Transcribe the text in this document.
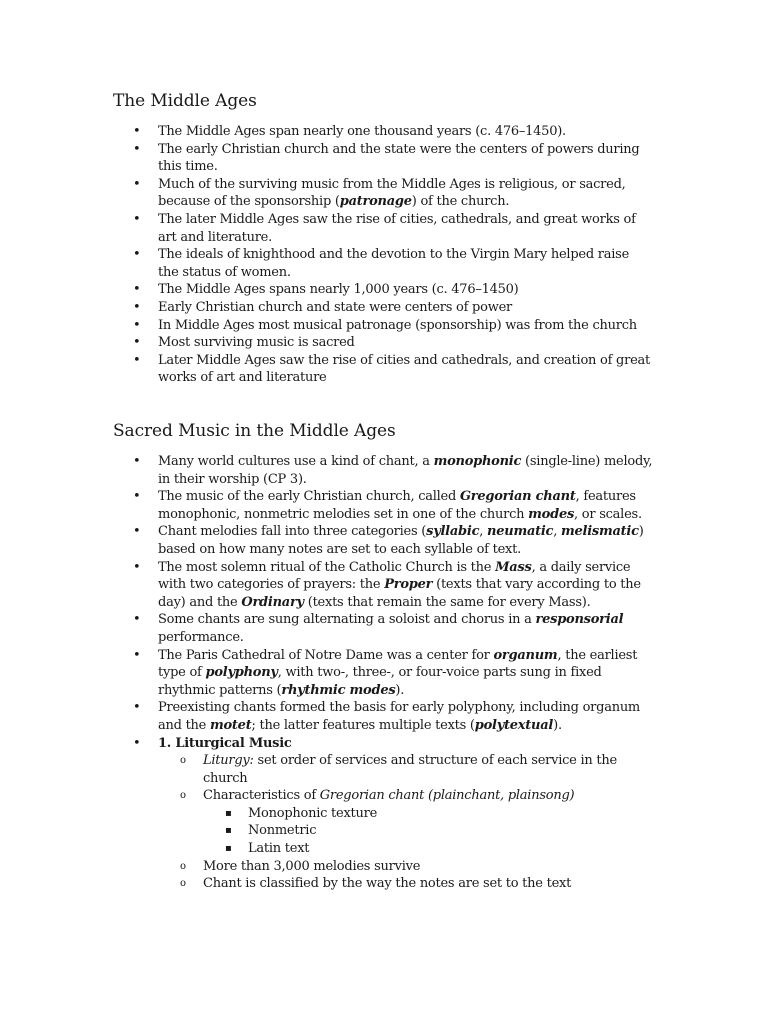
The Middle Ages
• The Middle Ages span nearly one thousand years (c. 476–1450).
• The early Christian church and the state were the centers of powers during this time.
• Much of the surviving music from the Middle Ages is religious, or sacred, because of the sponsorship (patronage) of the church.
• The later Middle Ages saw the rise of cities, cathedrals, and great works of art and literature.
• The ideals of knighthood and the devotion to the Virgin Mary helped raise the status of women.
• The Middle Ages spans nearly 1,000 years (c. 476–1450)
• Early Christian church and state were centers of power
• In Middle Ages most musical patronage (sponsorship) was from the church
• Most surviving music is sacred
• Later Middle Ages saw the rise of cities and cathedrals, and creation of great works of art and literature
Sacred Music in the Middle Ages
• Many world cultures use a kind of chant, a monophonic (single-line) melody, in their worship (CP 3).
• The music of the early Christian church, called Gregorian chant, features monophonic, nonmetric melodies set in one of the church modes, or scales.
• Chant melodies fall into three categories (syllabic, neumatic, melismatic) based on how many notes are set to each syllable of text.
• The most solemn ritual of the Catholic Church is the Mass, a daily service with two categories of prayers: the Proper (texts that vary according to the day) and the Ordinary (texts that remain the same for every Mass).
• Some chants are sung alternating a soloist and chorus in a responsorial performance.
• The Paris Cathedral of Notre Dame was a center for organum, the earliest type of polyphony, with two-, three-, or four-voice parts sung in fixed rhythmic patterns (rhythmic modes).
• Preexisting chants formed the basis for early polyphony, including organum and the motet; the latter features multiple texts (polytextual).
• 1. Liturgical Music
o Liturgy: set order of services and structure of each service in the church
o Characteristics of Gregorian chant (plainchant, plainsong)
▪ Monophonic texture
▪ Nonmetric
▪ Latin text
o More than 3,000 melodies survive
o Chant is classified by the way the notes are set to the text
